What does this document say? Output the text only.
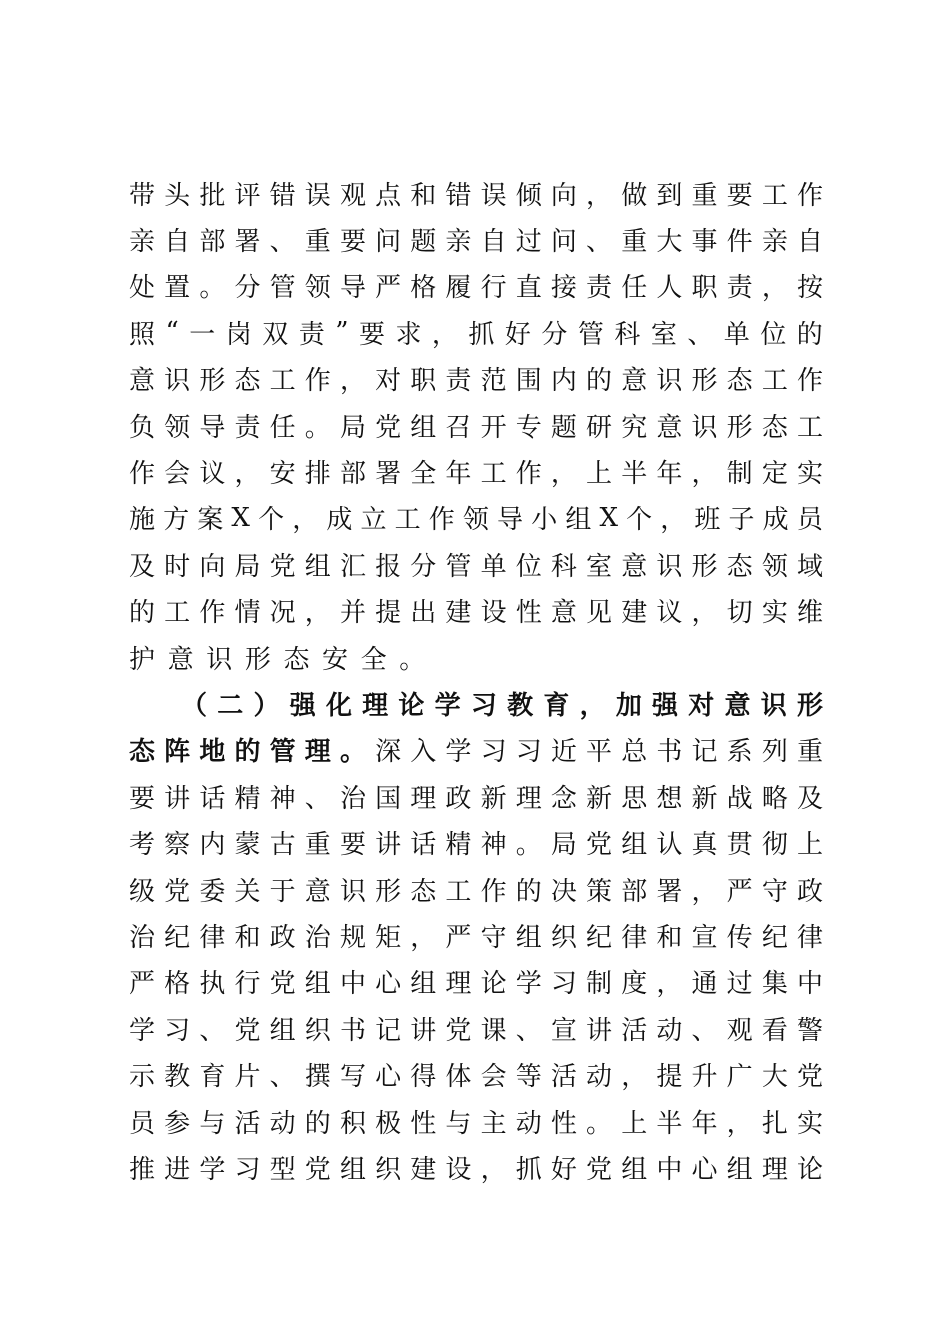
带 头 批 评 错 误 观 点 和 错 误 倾 向 ， 做 到 重 要 工 作
亲 自 部 署 、 重 要 问 题 亲 自 过 问 、 重 大 事 件 亲 自
处 置 。 分 管 领 导 严 格 履 行 直 接 责 任 人 职 责 ， 按
照 “ 一 岗 双 责 ” 要 求 ， 抓 好 分 管 科 室 、 单 位 的
意 识 形 态 工 作 ， 对 职 责 范 围 内 的 意 识 形 态 工 作
负 领 导 责 任 。 局 党 组 召 开 专 题 研 究 意 识 形 态 工
作 会 议 ， 安 排 部 署 全 年 工 作 ， 上 半 年 ， 制 定 实
施 方 案 X 个 ， 成 立 工 作 领 导 小 组 X 个 ， 班 子 成 员
及 时 向 局 党 组 汇 报 分 管 单 位 科 室 意 识 形 态 领 域
的 工 作 情 况 ， 并 提 出 建 设 性 意 见 建 议 ， 切 实 维
护 意 识 形 态 安 全 。
（ 二 ） 强 化 理 论 学 习 教 育 ， 加 强 对 意 识 形
态 阵 地 的 管 理 。 深 入 学 习 习 近 平 总 书 记 系 列 重
要 讲 话 精 神 、 治 国 理 政 新 理 念 新 思 想 新 战 略 及
考 察 内 蒙 古 重 要 讲 话 精 神 。 局 党 组 认 真 贯 彻 上
级 党 委 关 于 意 识 形 态 工 作 的 决 策 部 署 ， 严 守 政
治 纪 律 和 政 治 规 矩 ， 严 守 组 织 纪 律 和 宣 传 纪 律
严 格 执 行 党 组 中 心 组 理 论 学 习 制 度 ， 通 过 集 中
学 习 、 党 组 织 书 记 讲 党 课 、 宣 讲 活 动 、 观 看 警
示 教 育 片 、 撰 写 心 得 体 会 等 活 动 ， 提 升 广 大 党
员 参 与 活 动 的 积 极 性 与 主 动 性 。 上 半 年 ， 扎 实
推 进 学 习 型 党 组 织 建 设 ， 抓 好 党 组 中 心 组 理 论
